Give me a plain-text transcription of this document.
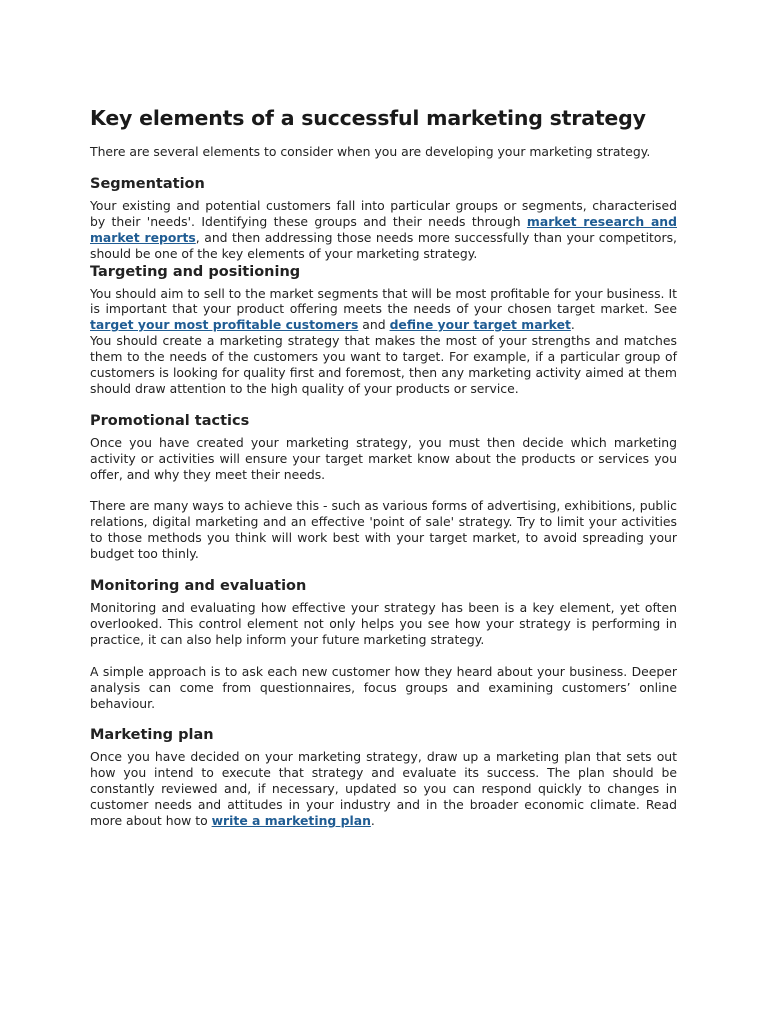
Key elements of a successful marketing strategy

There are several elements to consider when you are developing your marketing strategy.

Segmentation

Your existing and potential customers fall into particular groups or segments, characterised by their 'needs'. Identifying these groups and their needs through market research and market reports, and then addressing those needs more successfully than your competitors, should be one of the key elements of your marketing strategy.

Targeting and positioning

You should aim to sell to the market segments that will be most profitable for your business. It is important that your product offering meets the needs of your chosen target market. See target your most profitable customers and define your target market.

You should create a marketing strategy that makes the most of your strengths and matches them to the needs of the customers you want to target. For example, if a particular group of customers is looking for quality first and foremost, then any marketing activity aimed at them should draw attention to the high quality of your products or service.

Promotional tactics

Once you have created your marketing strategy, you must then decide which marketing activity or activities will ensure your target market know about the products or services you offer, and why they meet their needs.

There are many ways to achieve this - such as various forms of advertising, exhibitions, public relations, digital marketing and an effective 'point of sale' strategy. Try to limit your activities to those methods you think will work best with your target market, to avoid spreading your budget too thinly.

Monitoring and evaluation

Monitoring and evaluating how effective your strategy has been is a key element, yet often overlooked. This control element not only helps you see how your strategy is performing in practice, it can also help inform your future marketing strategy.

A simple approach is to ask each new customer how they heard about your business. Deeper analysis can come from questionnaires, focus groups and examining customers’ online behaviour.

Marketing plan

Once you have decided on your marketing strategy, draw up a marketing plan that sets out how you intend to execute that strategy and evaluate its success. The plan should be constantly reviewed and, if necessary, updated so you can respond quickly to changes in customer needs and attitudes in your industry and in the broader economic climate. Read more about how to write a marketing plan.
